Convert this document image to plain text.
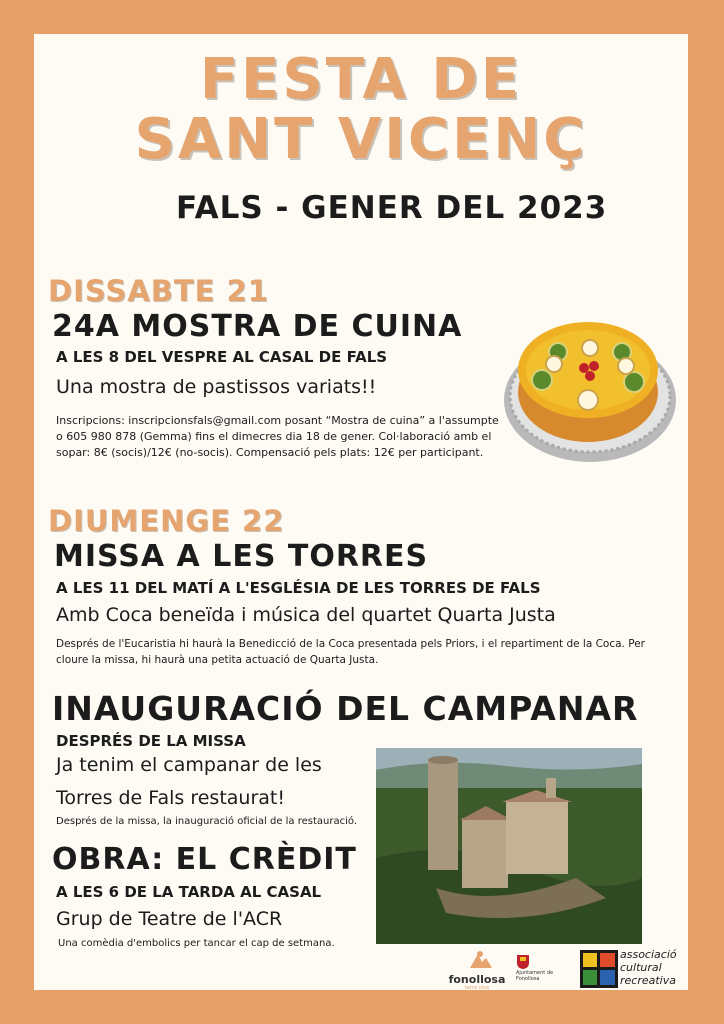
FESTA DE
SANT VICENÇ
FALS - GENER DEL 2023
DISSABTE 21
24A MOSTRA DE CUINA
A LES 8 DEL VESPRE AL CASAL DE FALS
Una mostra de pastissos variats!!
Inscripcions: inscripcionsfals@gmail.com posant “Mostra de cuina” a l'assumpte
o 605 980 878 (Gemma) fins el dimecres dia 18 de gener. Col·laboració amb el
sopar: 8€ (socis)/12€ (no-socis). Compensació pels plats: 12€ per participant.
DIUMENGE 22
MISSA A LES TORRES
A LES 11 DEL MATÍ A L'ESGLÉSIA DE LES TORRES DE FALS
Amb Coca beneïda i música del quartet Quarta Justa
Després de l'Eucaristia hi haurà la Benedicció de la Coca presentada pels Priors, i el repartiment de la Coca. Per
cloure la missa, hi haurà una petita actuació de Quarta Justa.
INAUGURACIÓ DEL CAMPANAR
DESPRÉS DE LA MISSA
Ja tenim el campanar de les
Torres de Fals restaurat!
Després de la missa, la inauguració oficial de la restauració.
OBRA: EL CRÈDIT
A LES 6 DE LA TARDA AL CASAL
Grup de Teatre de l'ACR
Una comèdia d'embolics per tancar el cap de setmana.
fonollosa
terra viva
Ajuntament de
Fonollosa
associació
cultural
recreativa
